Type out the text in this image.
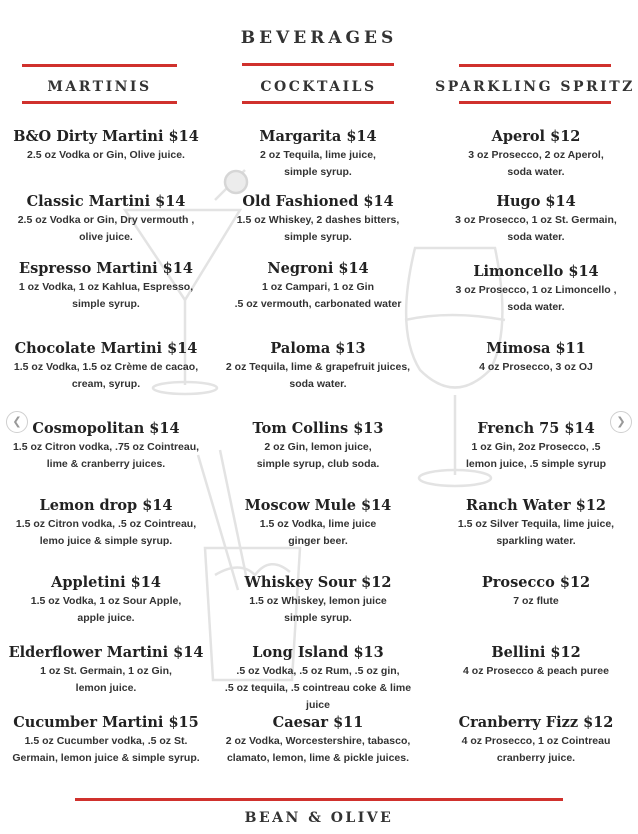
BEVERAGES
MARTINIS	COCKTAILS	SPARKLING SPRITZ
B&O Dirty Martini $14
2.5 oz Vodka or Gin, Olive juice.
Classic Martini $14
2.5 oz Vodka or Gin, Dry vermouth ,
olive juice.
Espresso Martini $14
1 oz Vodka, 1 oz Kahlua, Espresso,
simple syrup.
Chocolate Martini $14
1.5 oz Vodka, 1.5 oz Crème de cacao,
cream, syrup.
Cosmopolitan $14
1.5 oz Citron vodka, .75 oz Cointreau,
lime & cranberry juices.
Lemon drop $14
1.5 oz Citron vodka, .5 oz Cointreau,
lemo juice & simple syrup.
Appletini $14
1.5 oz Vodka, 1 oz Sour Apple,
apple juice.
Elderflower Martini $14
1 oz St. Germain, 1 oz Gin,
lemon juice.
Cucumber Martini $15
1.5 oz Cucumber vodka, .5 oz St.
Germain, lemon juice & simple syrup.
Margarita $14
2 oz Tequila, lime juice,
simple syrup.
Old Fashioned $14
1.5 oz Whiskey, 2 dashes bitters,
simple syrup.
Negroni $14
1 oz Campari, 1 oz Gin
.5 oz vermouth, carbonated water
Paloma $13
2 oz Tequila, lime & grapefruit juices,
soda water.
Tom Collins $13
2 oz Gin, lemon juice,
simple syrup, club soda.
Moscow Mule $14
1.5 oz Vodka, lime juice
ginger beer.
Whiskey Sour $12
1.5 oz Whiskey, lemon juice
simple syrup.
Long Island $13
.5 oz Vodka, .5 oz Rum, .5 oz gin,
.5 oz tequila, .5 cointreau coke & lime juice
Caesar $11
2 oz Vodka, Worcestershire, tabasco,
clamato, lemon, lime & pickle juices.
Aperol $12
3 oz Prosecco, 2 oz Aperol,
soda water.
Hugo $14
3 oz Prosecco, 1 oz St. Germain,
soda water.
Limoncello $14
3 oz Prosecco, 1 oz Limoncello ,
soda water.
Mimosa $11
4 oz Prosecco, 3 oz OJ
French 75 $14
1 oz Gin, 2oz Prosecco, .5
lemon juice, .5 simple syrup
Ranch Water $12
1.5 oz Silver Tequila, lime juice,
sparkling water.
Prosecco $12
7 oz flute
Bellini $12
4 oz Prosecco & peach puree
Cranberry Fizz $12
4 oz Prosecco, 1 oz Cointreau
cranberry juice.
❮	❯
BEAN & OLIVE
